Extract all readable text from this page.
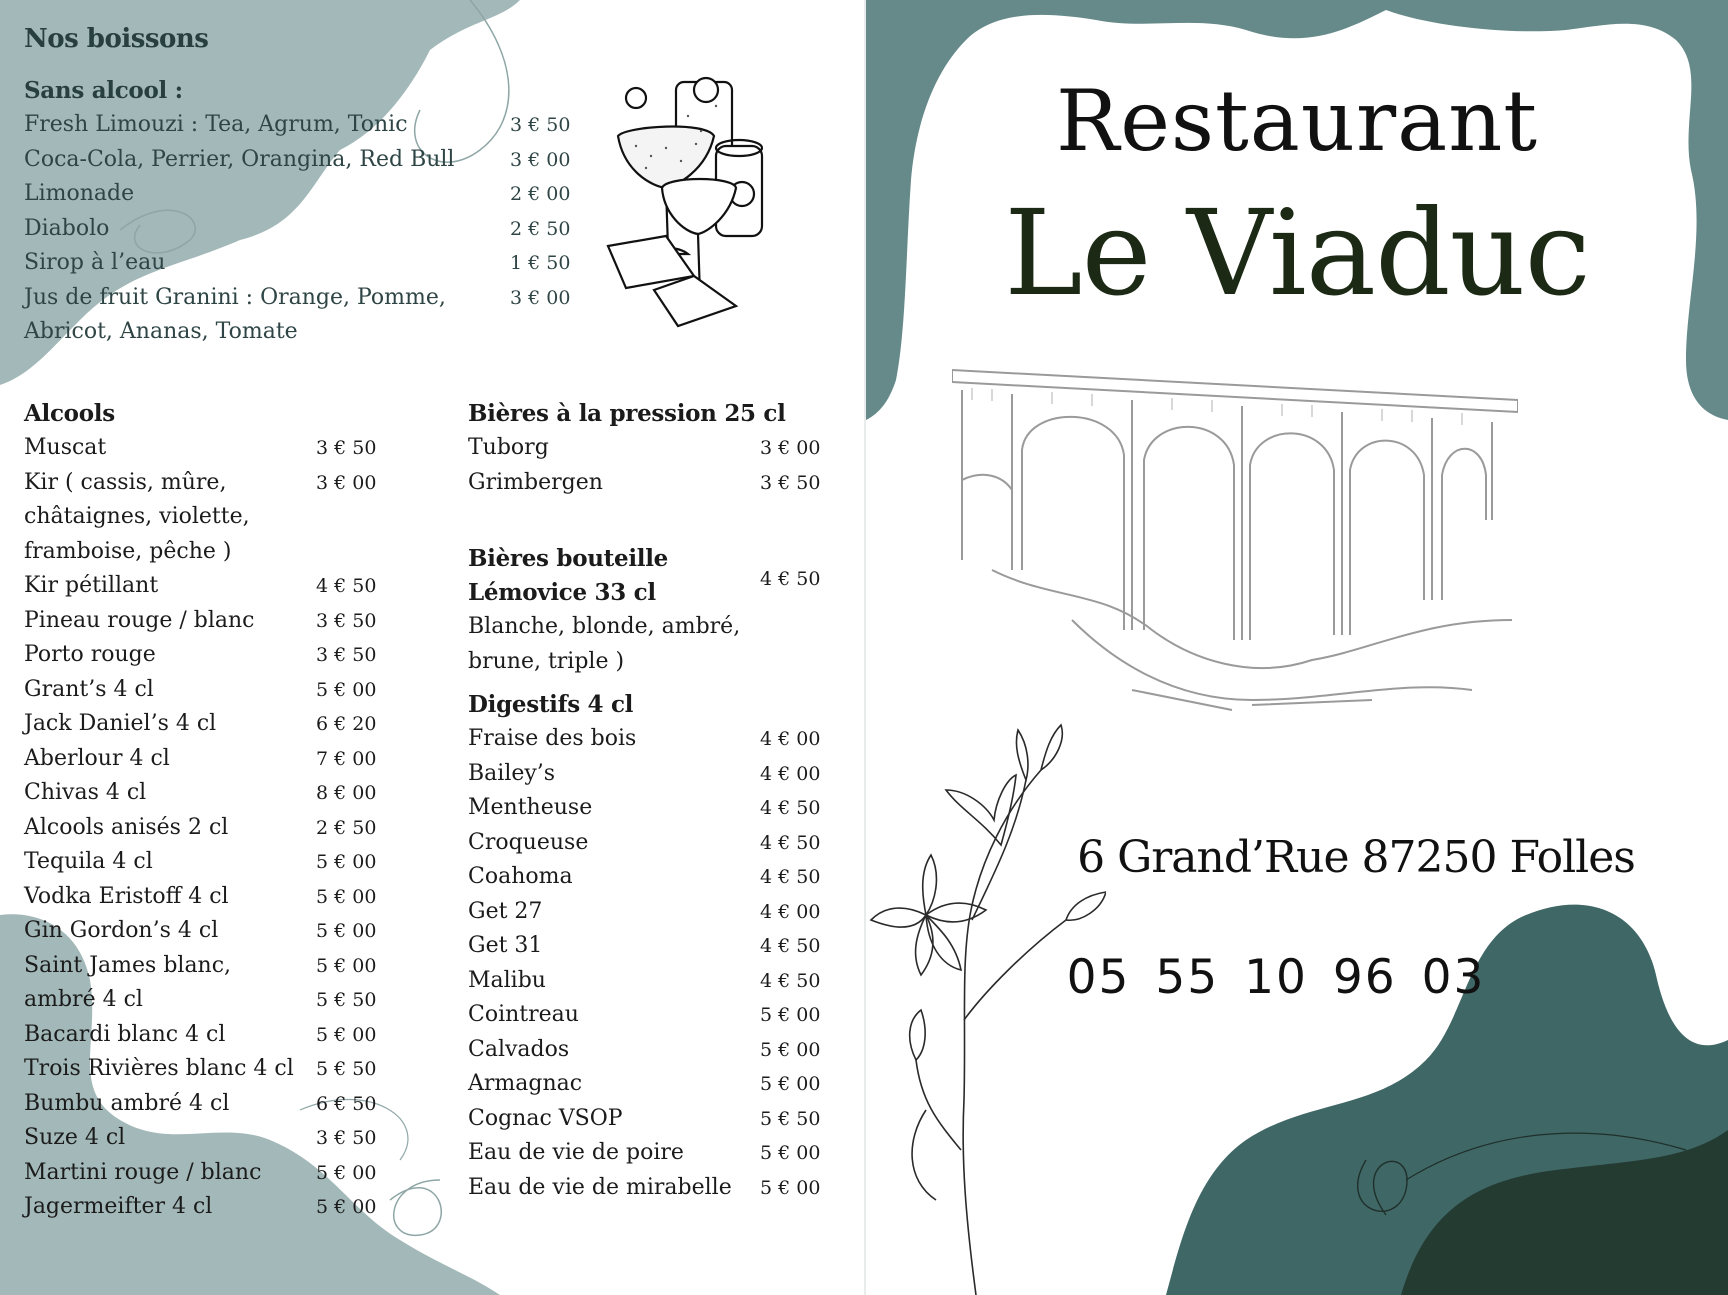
Nos boissons
Sans alcool :
Fresh Limouzi : Tea, Agrum, Tonic	3 € 50
Coca-Cola, Perrier, Orangina, Red Bull	3 € 00
Limonade	2 € 00
Diabolo	2 € 50
Sirop à l’eau	1 € 50
Jus de fruit Granini : Orange, Pomme,	3 € 00
Abricot, Ananas, Tomate
Alcools
Muscat	3 € 50
Kir ( cassis, mûre,	3 € 00
châtaignes, violette,
framboise, pêche )
Kir pétillant	4 € 50
Pineau rouge / blanc	3 € 50
Porto rouge	3 € 50
Grant’s 4 cl	5 € 00
Jack Daniel’s 4 cl	6 € 20
Aberlour 4 cl	7 € 00
Chivas 4 cl	8 € 00
Alcools anisés 2 cl	2 € 50
Tequila 4 cl	5 € 00
Vodka Eristoff 4 cl	5 € 00
Gin Gordon’s 4 cl	5 € 00
Saint James blanc,	5 € 00
ambré 4 cl	5 € 50
Bacardi blanc 4 cl	5 € 00
Trois Rivières blanc 4 cl	5 € 50
Bumbu ambré 4 cl	6 € 50
Suze 4 cl	3 € 50
Martini rouge / blanc	5 € 00
Jagermeifter 4 cl	5 € 00
Bières à la pression 25 cl
Tuborg	3 € 00
Grimbergen	3 € 50
Bières bouteille
Lémovice 33 cl
Blanche, blonde, ambré,
brune, triple )
4 € 50
Digestifs 4 cl
Fraise des bois	4 € 00
Bailey’s	4 € 00
Mentheuse	4 € 50
Croqueuse	4 € 50
Coahoma	4 € 50
Get 27	4 € 00
Get 31	4 € 50
Malibu	4 € 50
Cointreau	5 € 00
Calvados	5 € 00
Armagnac	5 € 00
Cognac VSOP	5 € 50
Eau de vie de poire	5 € 00
Eau de vie de mirabelle	5 € 00
Restaurant
Le Viaduc
6 Grand’Rue 87250 Folles
05 55 10 96 03
